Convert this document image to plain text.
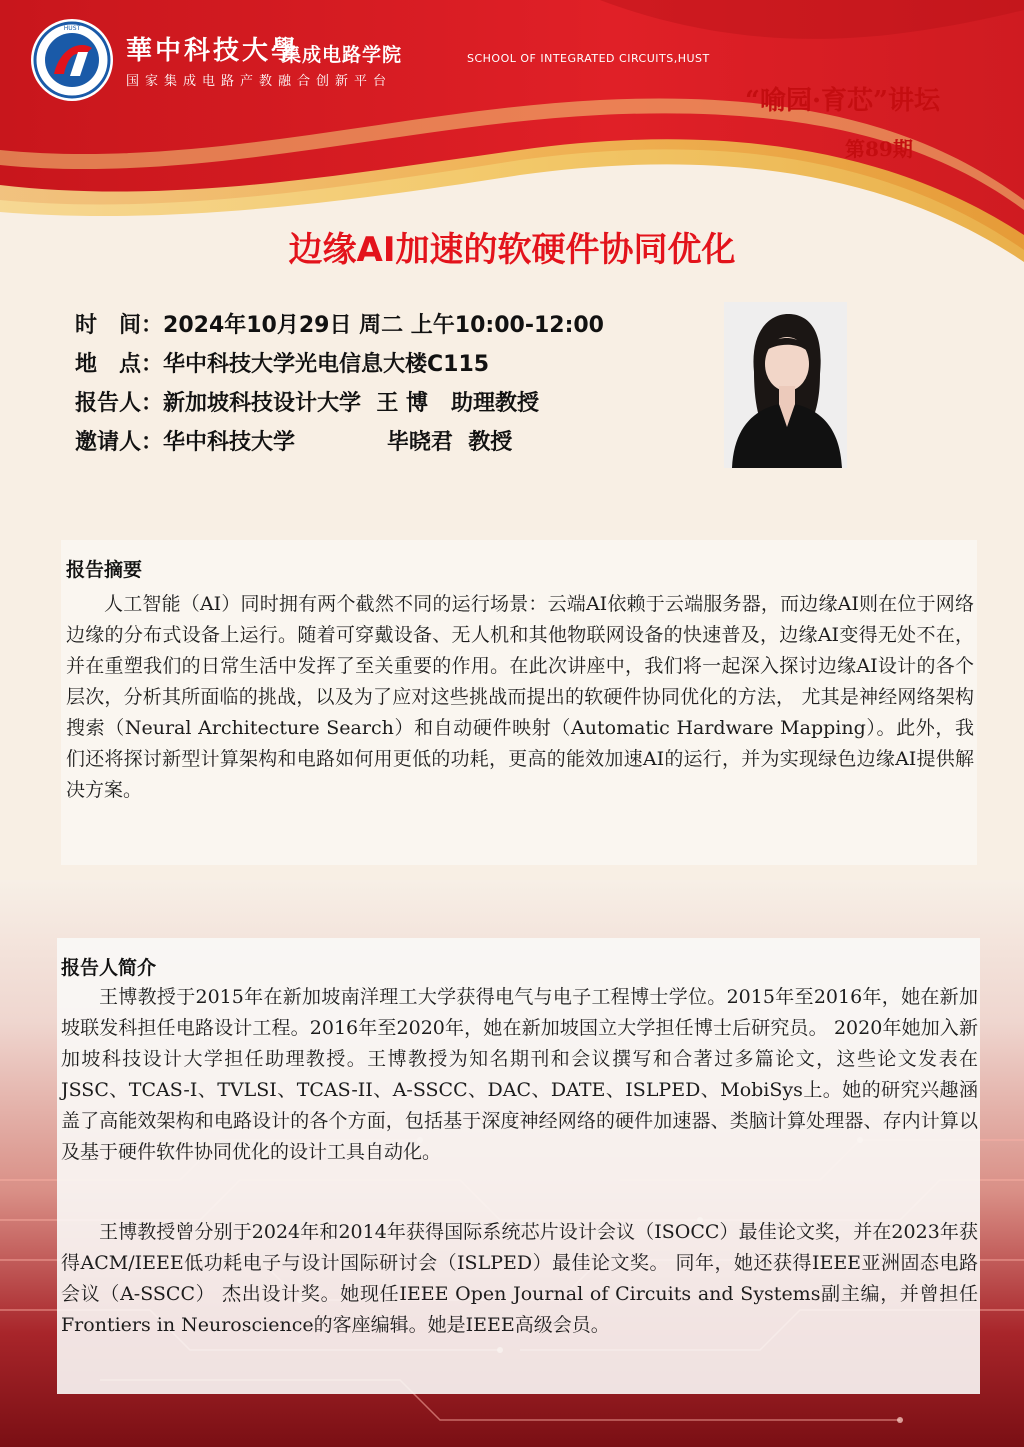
HUST
華中科技大學
集成电路学院	SCHOOL OF INTEGRATED CIRCUITS,HUST
国家集成电路产教融合创新平台
“喻园·育芯”讲坛
第89期
边缘AI加速的软硬件协同优化
时　间：2024年10月29日 周二 上午10:00-12:00
地　点：华中科技大学光电信息大楼C115
报告人：新加坡科技设计大学  王 博   助理教授
邀请人：华中科技大学            毕晓君  教授
报告摘要
人工智能（AI）同时拥有两个截然不同的运行场景：云端AI依赖于云端服务器，而边缘AI则在位于网络边缘的分布式设备上运行。随着可穿戴设备、无人机和其他物联网设备的快速普及，边缘AI变得无处不在，并在重塑我们的日常生活中发挥了至关重要的作用。在此次讲座中，我们将一起深入探讨边缘AI设计的各个层次，分析其所面临的挑战，以及为了应对这些挑战而提出的软硬件协同优化的方法， 尤其是神经网络架构搜索（Neural Architecture Search）和自动硬件映射（Automatic Hardware Mapping）。此外，我们还将探讨新型计算架构和电路如何用更低的功耗，更高的能效加速AI的运行，并为实现绿色边缘AI提供解决方案。
报告人简介
王博教授于2015年在新加坡南洋理工大学获得电气与电子工程博士学位。2015年至2016年，她在新加坡联发科担任电路设计工程。2016年至2020年，她在新加坡国立大学担任博士后研究员。 2020年她加入新加坡科技设计大学担任助理教授。王博教授为知名期刊和会议撰写和合著过多篇论文，这些论文发表在JSSC、TCAS-I、TVLSI、TCAS-II、A-SSCC、DAC、DATE、ISLPED、MobiSys上。她的研究兴趣涵盖了高能效架构和电路设计的各个方面，包括基于深度神经网络的硬件加速器、类脑计算处理器、存内计算以及基于硬件软件协同优化的设计工具自动化。
王博教授曾分别于2024年和2014年获得国际系统芯片设计会议（ISOCC）最佳论文奖，并在2023年获得ACM/IEEE低功耗电子与设计国际研讨会（ISLPED）最佳论文奖。 同年，她还获得IEEE亚洲固态电路会议（A-SSCC） 杰出设计奖。她现任IEEE Open Journal of Circuits and Systems副主编，并曾担任Frontiers in Neuroscience的客座编辑。她是IEEE高级会员。
